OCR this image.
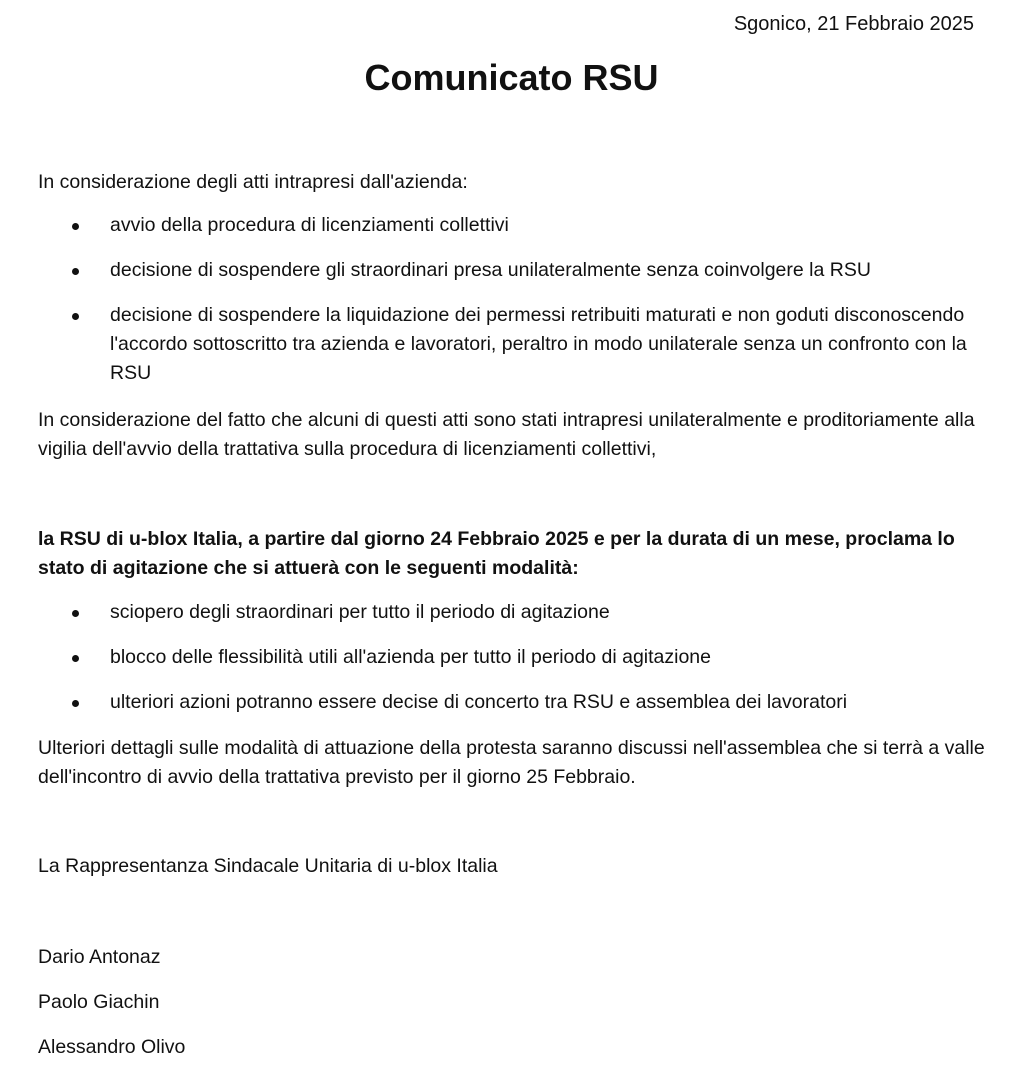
Sgonico, 21 Febbraio 2025
Comunicato RSU

In considerazione degli atti intrapresi dall'azienda:

avvio della procedura di licenziamenti collettivi
decisione di sospendere gli straordinari presa unilateralmente senza coinvolgere la RSU
decisione di sospendere la liquidazione dei permessi retribuiti maturati e non goduti disconoscendo l'accordo sottoscritto tra azienda e lavoratori, peraltro in modo unilaterale senza un confronto con la RSU

In considerazione del fatto che alcuni di questi atti sono stati intrapresi unilateralmente e proditoriamente alla vigilia dell'avvio della trattativa sulla procedura di licenziamenti collettivi,

la RSU di u-blox Italia, a partire dal giorno 24 Febbraio 2025 e per la durata di un mese, proclama lo stato di agitazione che si attuerà con le seguenti modalità:

sciopero degli straordinari per tutto il periodo di agitazione
blocco delle flessibilità utili all'azienda per tutto il periodo di agitazione
ulteriori azioni potranno essere decise di concerto tra RSU e assemblea dei lavoratori

Ulteriori dettagli sulle modalità di attuazione della protesta saranno discussi nell'assemblea che si terrà a valle dell'incontro di avvio della trattativa previsto per il giorno 25 Febbraio.

La Rappresentanza Sindacale Unitaria di u-blox Italia
Dario Antonaz
Paolo Giachin
Alessandro Olivo
